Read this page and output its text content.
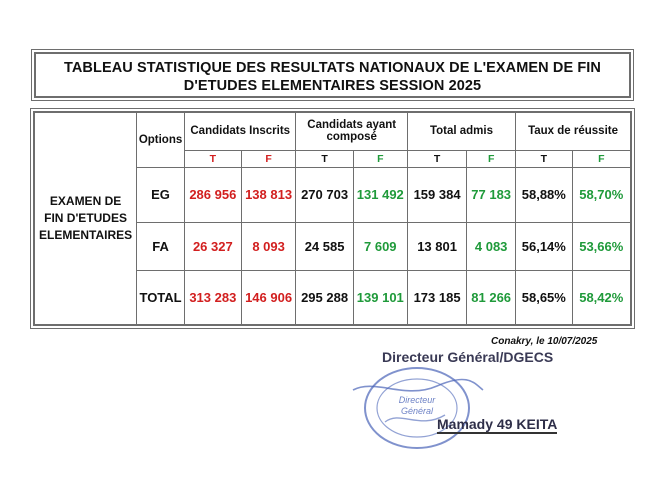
TABLEAU STATISTIQUE DES RESULTATS NATIONAUX DE L'EXAMEN DE FIN
D'ETUDES ELEMENTAIRES SESSION 2025
EXAMEN DE FIN D'ETUDES ELEMENTAIRES	Options	Candidats Inscrits		Candidats ayant composé		Total admis		Taux de réussite	
		T	F	T	F	T	F	T	F
	EG	286 956	138 813	270 703	131 492	159 384	77 183	58,88%	58,70%
	FA	26 327	8 093	24 585	7 609	13 801	4 083	56,14%	53,66%
	TOTAL	313 283	146 906	295 288	139 101	173 185	81 266	58,65%	58,42%
Conakry, le 10/07/2025
Directeur
Général
Directeur Général/DGECS
Mamady 49 KEITA
